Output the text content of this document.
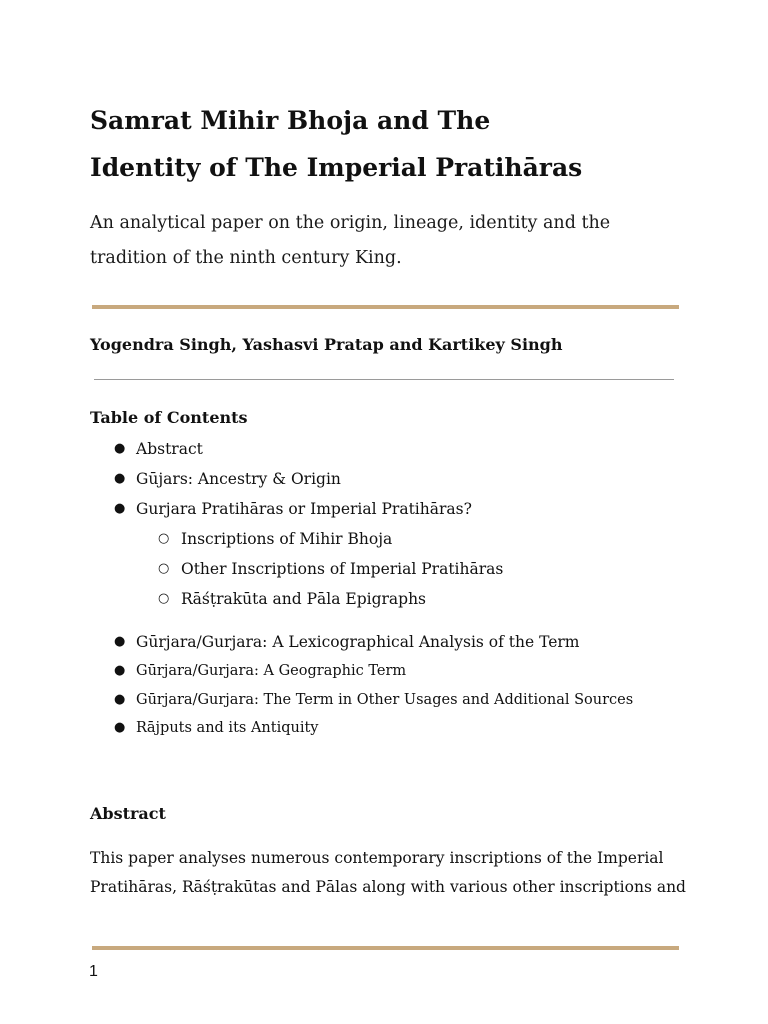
Samrat Mihir Bhoja and The
Identity of The Imperial Pratihāras
An analytical paper on the origin, lineage, identity and the tradition of the ninth century King.
Yogendra Singh, Yashasvi Pratap and Kartikey Singh
Table of Contents
● Abstract
● Gūjars: Ancestry & Origin
● Gurjara Pratihāras or Imperial Pratihāras?
○ Inscriptions of Mihir Bhoja
○ Other Inscriptions of Imperial Pratihāras
○ Rāśṭrakūta and Pāla Epigraphs
● Gūrjara/Gurjara: A Lexicographical Analysis of the Term
● Gūrjara/Gurjara: A Geographic Term
● Gūrjara/Gurjara: The Term in Other Usages and Additional Sources
● Rājputs and its Antiquity
Abstract
This paper analyses numerous contemporary inscriptions of the Imperial
Pratihāras, Rāśṭrakūtas and Pālas along with various other inscriptions and
1
